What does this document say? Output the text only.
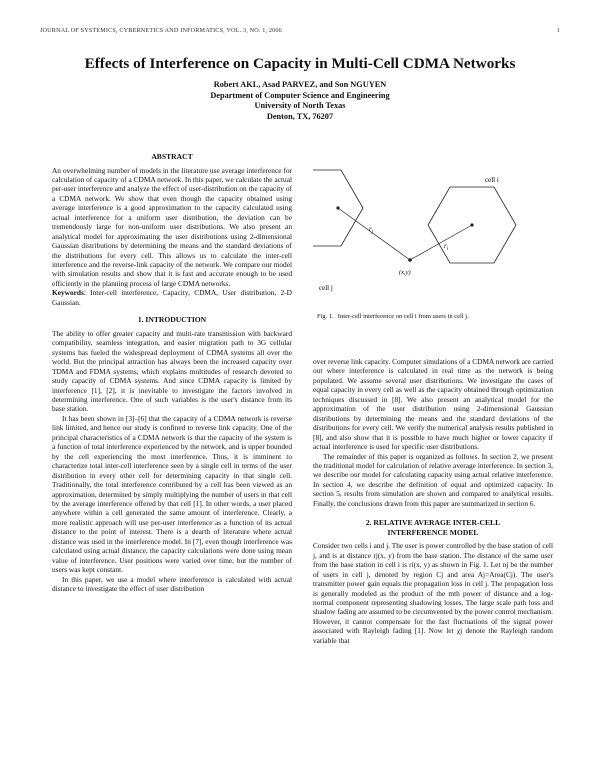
JOURNAL OF SYSTEMICS, CYBERNETICS AND INFORMATICS, VOL. 3, NO. 1, 2006	1
Effects of Interference on Capacity in Multi-Cell CDMA Networks
Robert AKL, Asad PARVEZ, and Son NGUYEN
Department of Computer Science and Engineering
University of North Texas
Denton, TX, 76207
ABSTRACT

An overwhelming number of models in the literature use average interference for calculation of capacity of a CDMA network. In this paper, we calculate the actual per-user interference and analyze the effect of user-distribution on the capacity of a CDMA network. We show that even though the capacity obtained using average interference is a good approximation to the capacity calculated using actual interference for a uniform user distribution, the deviation can be tremendously large for non-uniform user distributions. We also present an analytical model for approximating the user distributions using 2-dimensional Gaussian distributions by determining the means and the standard deviations of the distributions for every cell. This allows us to calculate the inter-cell interference and the reverse-link capacity of the network. We compare our model with simulation results and show that it is fast and accurate enough to be used efficiently in the planning process of large CDMA networks.

Keywords: Inter-cell interference, Capacity, CDMA, User distribution, 2-D Gaussian.

1. INTRODUCTION

The ability to offer greater capacity and multi-rate transmission with backward compatibility, seamless integration, and easier migration path to 3G cellular systems has fueled the widespread deployment of CDMA systems all over the world. But the principal attraction has always been the increased capacity over TDMA and FDMA systems, which explains multitudes of research devoted to study capacity of CDMA systems. And since CDMA capacity is limited by interference [1], [2], it is inevitable to investigate the factors involved in determining interference. One of such variables is the user's distance from its base station.

It has been shown in [3]–[6] that the capacity of a CDMA network is reverse link limited, and hence our study is confined to reverse link capacity. One of the principal characteristics of a CDMA network is that the capacity of the system is a function of total interference experienced by the network, and is upper bounded by the cell experiencing the most interference. Thus, it is imminent to characterize total inter-cell interference seen by a single cell in terms of the user distribution in every other cell for determining capacity in that single cell. Traditionally, the total interference contributed by a cell has been viewed as an approximation, determined by simply multiplying the number of users in that cell by the average interference offered by that cell [1]. In other words, a user placed anywhere within a cell generated the same amount of interference. Clearly, a more realistic approach will use per-user interference as a function of its actual distance to the point of interest. There is a dearth of literature where actual distance was used in the interference model. In [7], even though interference was calculated using actual distance, the capacity calculations were done using mean value of interference. User positions were varied over time, but the number of users was kept constant.

In this paper, we use a model where interference is calculated with actual distance to investigate the effect of user distribution

cell i
$r_i$
$r_j$
(x,y)
cell j
Fig. 1. Inter-cell interference on cell i from users in cell j.

over reverse link capacity. Computer simulations of a CDMA network are carried out where interference is calculated in real time as the network is being populated. We assume several user distributions. We investigate the cases of equal capacity in every cell as well as the capacity obtained through optimization techniques discussed in [8]. We also present an analytical model for the approximation of the user distribution using 2-dimensional Gaussian distributions by determining the means and the standard deviations of the distributions for every cell. We verify the numerical analysis results published in [8], and also show that it is possible to have much higher or lower capacity if actual interference is used for specific user distributions.

The remainder of this paper is organized as follows. In section 2, we present the traditional model for calculation of relative average interference. In section 3, we describe our model for calculating capacity using actual relative interference. In section 4, we describe the definition of equal and optimized capacity. In section 5, results from simulation are shown and compared to analytical results. Finally, the conclusions drawn from this paper are summarized in section 6.

2. RELATIVE AVERAGE INTER-CELL
INTERFERENCE MODEL

Consider two cells i and j. The user is power controlled by the base station of cell j, and is at distance rj(x, y) from the base station. The distance of the same user from the base station in cell i is ri(x, y) as shown in Fig. 1. Let nj be the number of users in cell j, denoted by region Cj and area Aj=Area(Cj). The user's transmitter power gain equals the propagation loss in cell j. The propagation loss is generally modeled as the product of the mth power of distance and a log-normal component representing shadowing losses. The large scale path loss and shadow fading are assumed to be circumvented by the power control mechanism. However, it cannot compensate for the fast fluctuations of the signal power associated with Rayleigh fading [1]. Now let χj denote the Rayleigh random variable that
